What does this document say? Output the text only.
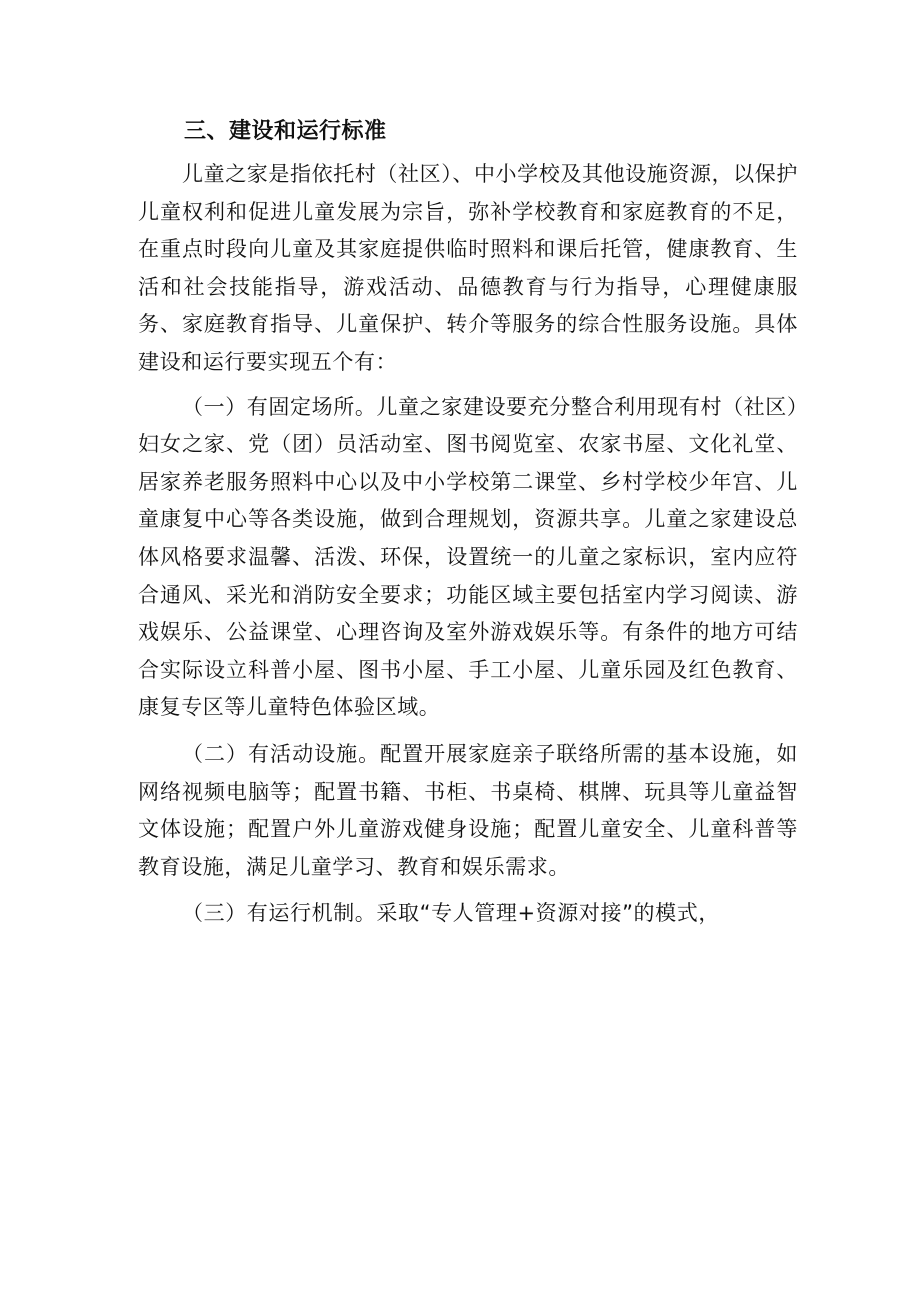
三、建设和运行标准

儿童之家是指依托村（社区）、中小学校及其他设施资源，以保护儿童权利和促进儿童发展为宗旨，弥补学校教育和家庭教育的不足，在重点时段向儿童及其家庭提供临时照料和课后托管，健康教育、生活和社会技能指导，游戏活动、品德教育与行为指导，心理健康服务、家庭教育指导、儿童保护、转介等服务的综合性服务设施。具体建设和运行要实现五个有：

（一）有固定场所。儿童之家建设要充分整合利用现有村（社区）妇女之家、党（团）员活动室、图书阅览室、农家书屋、文化礼堂、居家养老服务照料中心以及中小学校第二课堂、乡村学校少年宫、儿童康复中心等各类设施，做到合理规划，资源共享。儿童之家建设总体风格要求温馨、活泼、环保，设置统一的儿童之家标识，室内应符合通风、采光和消防安全要求；功能区域主要包括室内学习阅读、游戏娱乐、公益课堂、心理咨询及室外游戏娱乐等。有条件的地方可结合实际设立科普小屋、图书小屋、手工小屋、儿童乐园及红色教育、康复专区等儿童特色体验区域。

（二）有活动设施。配置开展家庭亲子联络所需的基本设施，如网络视频电脑等；配置书籍、书柜、书桌椅、棋牌、玩具等儿童益智文体设施；配置户外儿童游戏健身设施；配置儿童安全、儿童科普等教育设施，满足儿童学习、教育和娱乐需求。

（三）有运行机制。采取“专人管理+资源对接”的模式，
